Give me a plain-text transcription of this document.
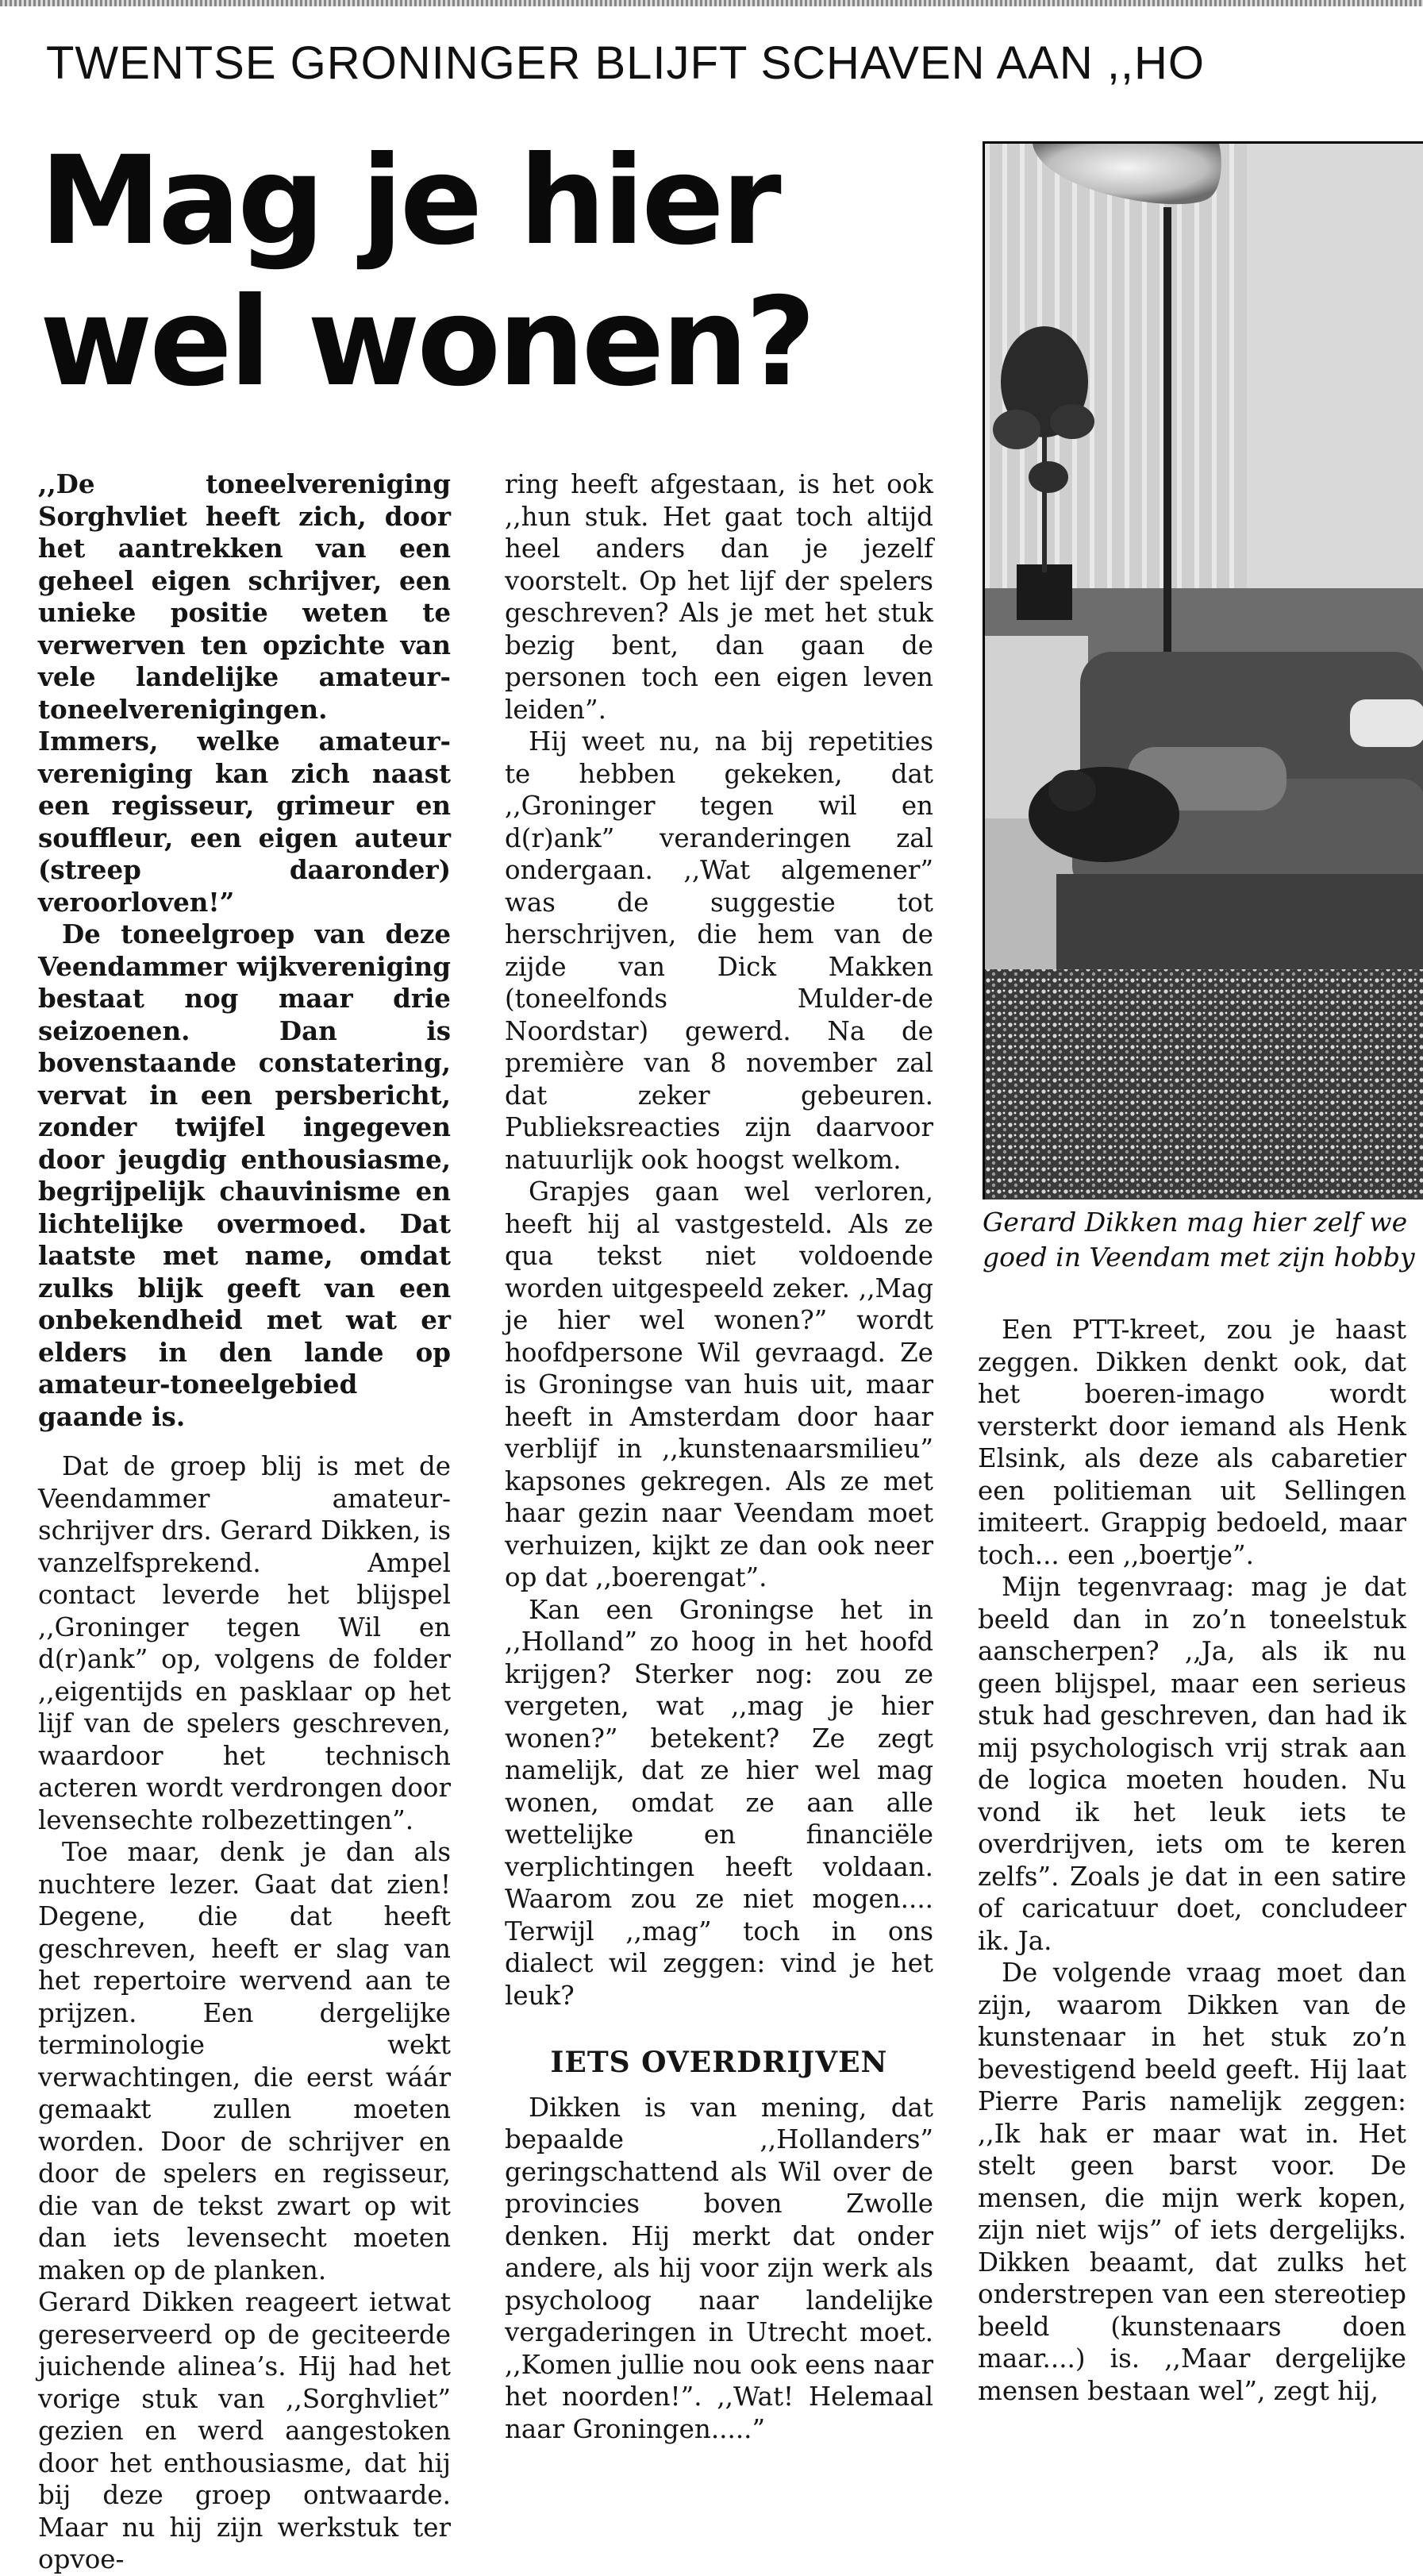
TWENTSE GRONINGER BLIJFT SCHAVEN AAN ,,HO
Mag je hier
wel wonen?

,,De toneelvereniging Sorghvliet heeft zich, door het aantrekken van een geheel eigen schrijver, een unieke positie weten te verwerven ten opzichte van vele landelijke amateur-toneelverenigingen. Immers, welke amateur-vereniging kan zich naast een regisseur, grimeur en souffleur, een eigen auteur (streep daaronder) veroorloven!”

De toneelgroep van deze Veendammer wijkvereniging bestaat nog maar drie seizoenen. Dan is bovenstaande constatering, vervat in een persbericht, zonder twijfel ingegeven door jeugdig enthousiasme, begrijpelijk chauvinisme en lichtelijke overmoed. Dat laatste met name, omdat zulks blijk geeft van een onbekendheid met wat er elders in den lande op amateur-toneelgebied gaande is.

Dat de groep blij is met de Veendammer amateur-schrijver drs. Gerard Dikken, is vanzelfsprekend. Ampel contact leverde het blijspel ,,Groninger tegen Wil en d(r)ank” op, volgens de folder ,,eigentijds en pasklaar op het lijf van de spelers geschreven, waardoor het technisch acteren wordt verdrongen door levensechte rolbezettingen”.

Toe maar, denk je dan als nuchtere lezer. Gaat dat zien! Degene, die dat heeft geschreven, heeft er slag van het repertoire wervend aan te prijzen. Een dergelijke terminologie wekt verwachtingen, die eerst wáár gemaakt zullen moeten worden. Door de schrijver en door de spelers en regisseur, die van de tekst zwart op wit dan iets levensecht moeten maken op de planken.

Gerard Dikken reageert ietwat gereserveerd op de geciteerde juichende alinea’s. Hij had het vorige stuk van ,,Sorghvliet” gezien en werd aangestoken door het enthousiasme, dat hij bij deze groep ontwaarde. Maar nu hij zijn werkstuk ter opvoe-

ring heeft afgestaan, is het ook ,,hun stuk. Het gaat toch altijd heel anders dan je jezelf voorstelt. Op het lijf der spelers geschreven? Als je met het stuk bezig bent, dan gaan de personen toch een eigen leven leiden”.

Hij weet nu, na bij repetities te hebben gekeken, dat ,,Groninger tegen wil en d(r)ank” veranderingen zal ondergaan. ,,Wat algemener” was de suggestie tot herschrijven, die hem van de zijde van Dick Makken (toneelfonds Mulder-de Noordstar) gewerd. Na de première van 8 november zal dat zeker gebeuren. Publieksreacties zijn daarvoor natuurlijk ook hoogst welkom.

Grapjes gaan wel verloren, heeft hij al vastgesteld. Als ze qua tekst niet voldoende worden uitgespeeld zeker. ,,Mag je hier wel wonen?” wordt hoofdpersone Wil gevraagd. Ze is Groningse van huis uit, maar heeft in Amsterdam door haar verblijf in ,,kunstenaarsmilieu” kapsones gekregen. Als ze met haar gezin naar Veendam moet verhuizen, kijkt ze dan ook neer op dat ,,boerengat”.

Kan een Groningse het in ,,Holland” zo hoog in het hoofd krijgen? Sterker nog: zou ze vergeten, wat ,,mag je hier wonen?” betekent? Ze zegt namelijk, dat ze hier wel mag wonen, omdat ze aan alle wettelijke en financiële verplichtingen heeft voldaan. Waarom zou ze niet mogen.... Terwijl ,,mag” toch in ons dialect wil zeggen: vind je het leuk?

IETS OVERDRIJVEN

Dikken is van mening, dat bepaalde ,,Hollanders” geringschattend als Wil over de provincies boven Zwolle denken. Hij merkt dat onder andere, als hij voor zijn werk als psycholoog naar landelijke vergaderingen in Utrecht moet. ,,Komen jullie nou ook eens naar het noorden!”. ,,Wat! Helemaal naar Groningen.....”

Gerard Dikken mag hier zelf we
goed in Veendam met zijn hobby

Een PTT-kreet, zou je haast zeggen. Dikken denkt ook, dat het boeren-imago wordt versterkt door iemand als Henk Elsink, als deze als cabaretier een politieman uit Sellingen imiteert. Grappig bedoeld, maar toch... een ,,boertje”.

Mijn tegenvraag: mag je dat beeld dan in zo’n toneelstuk aanscherpen? ,,Ja, als ik nu geen blijspel, maar een serieus stuk had geschreven, dan had ik mij psychologisch vrij strak aan de logica moeten houden. Nu vond ik het leuk iets te overdrijven, iets om te keren zelfs”. Zoals je dat in een satire of caricatuur doet, concludeer ik. Ja.

De volgende vraag moet dan zijn, waarom Dikken van de kunstenaar in het stuk zo’n bevestigend beeld geeft. Hij laat Pierre Paris namelijk zeggen: ,,Ik hak er maar wat in. Het stelt geen barst voor. De mensen, die mijn werk kopen, zijn niet wijs” of iets dergelijks. Dikken beaamt, dat zulks het onderstrepen van een stereotiep beeld (kunstenaars doen maar....) is. ,,Maar dergelijke mensen bestaan wel”, zegt hij,
